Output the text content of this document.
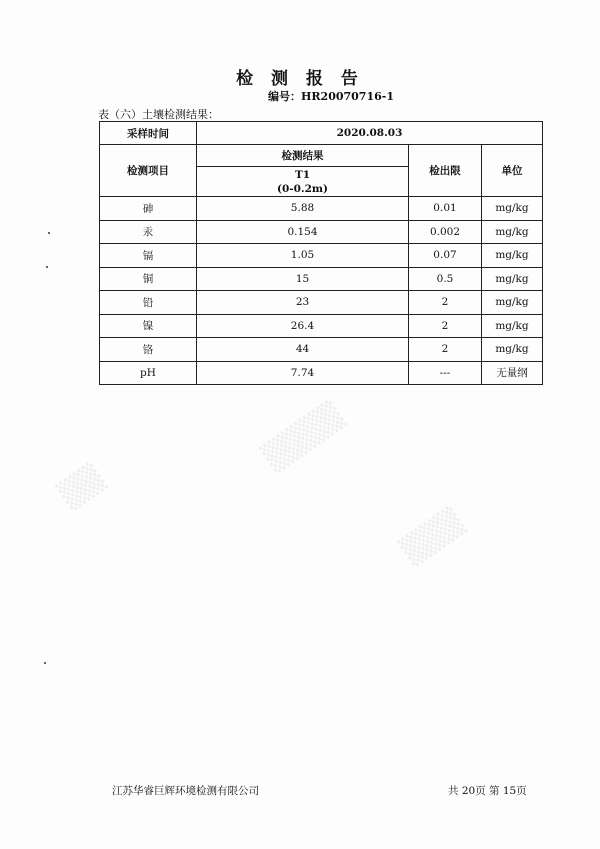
▒▒▒▒
▒▒▒
▒▒
检 测 报 告
编号：HR20070716-1
表（六）土壤检测结果：
采样时间	2020.08.03		
检测项目	检测结果	检出限	单位

	T1
(0-0.2m)		

砷	5.88	0.01	mg/kg
汞	0.154	0.002	mg/kg
镉	1.05	0.07	mg/kg
铜	15	0.5	mg/kg
铅	23	2	mg/kg
镍	26.4	2	mg/kg
铬	44	2	mg/kg
pH	7.74	---	无量纲
江苏华睿巨辉环境检测有限公司	共 20页 第 15页
